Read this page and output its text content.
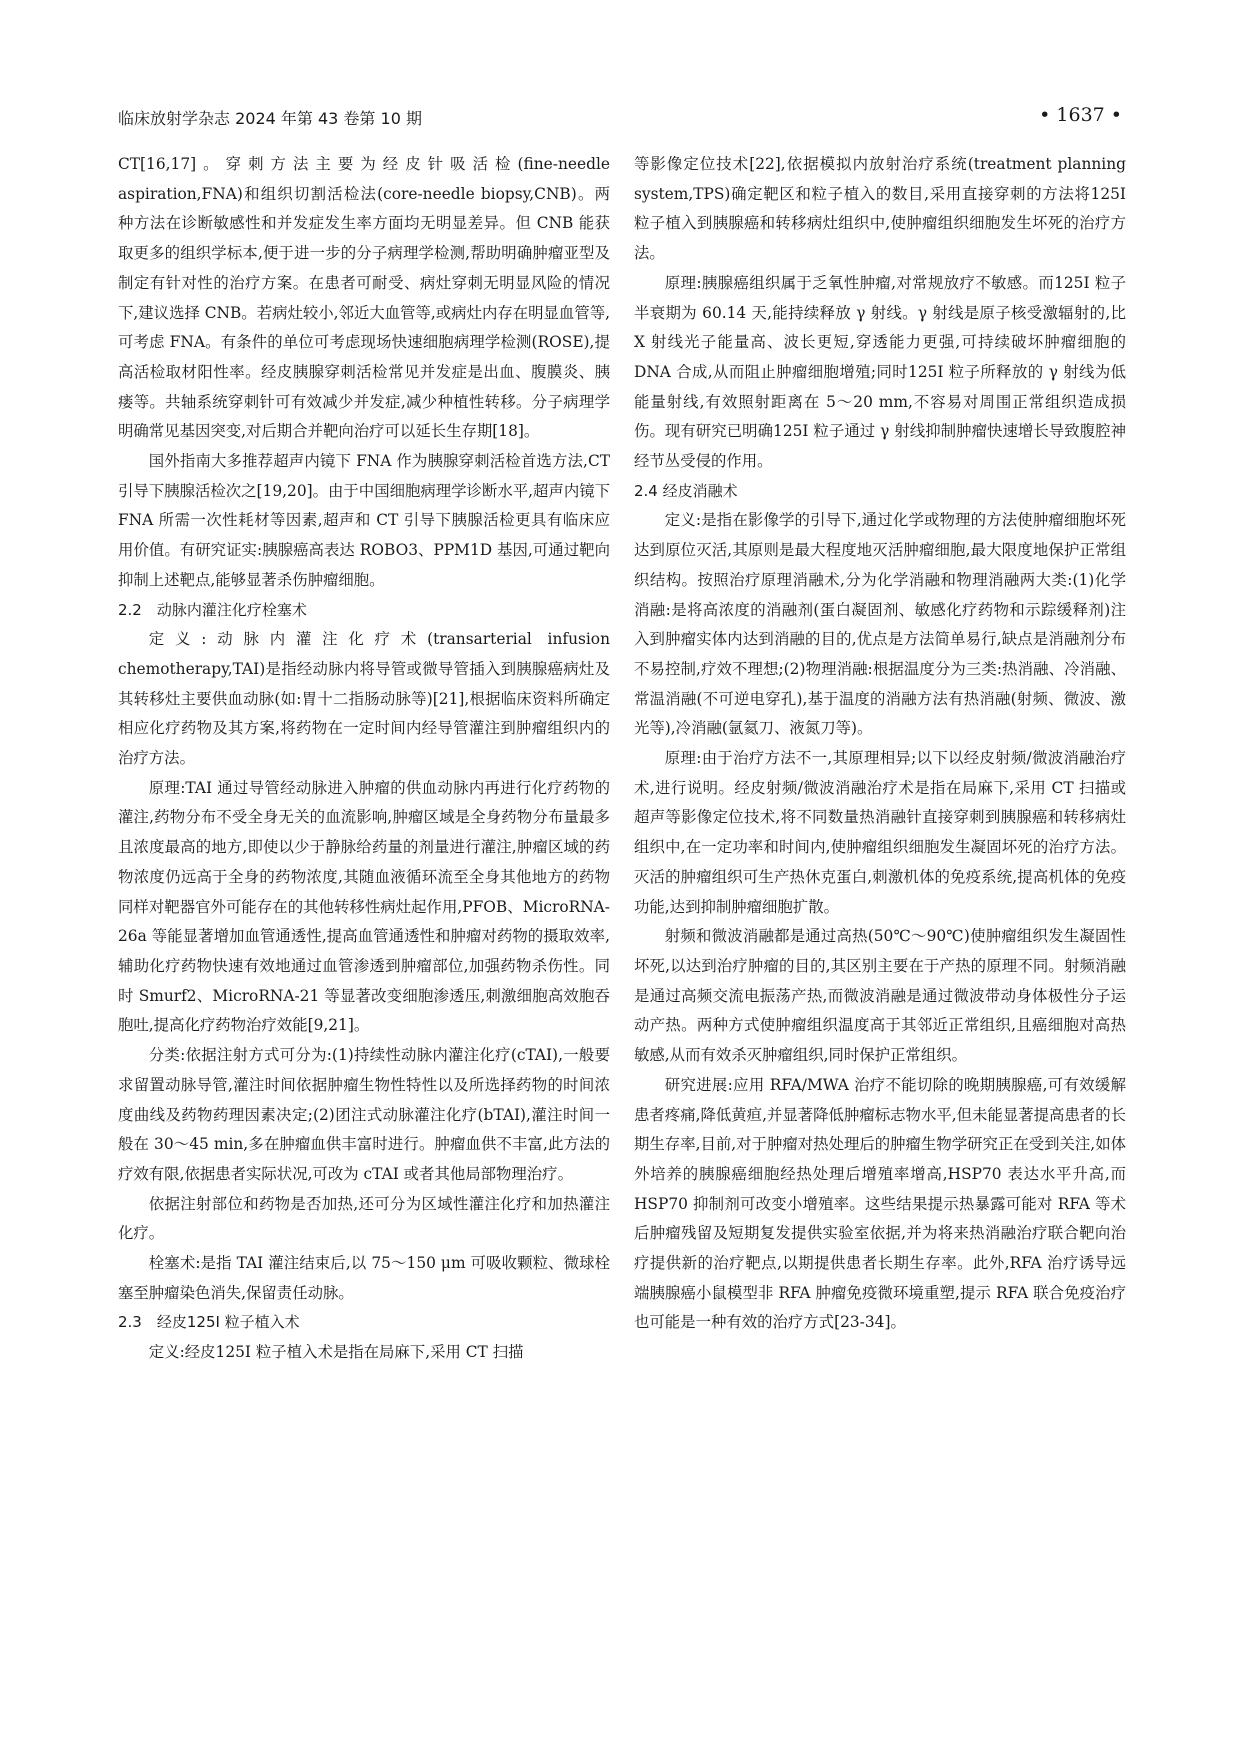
临床放射学杂志 2024 年第 43 卷第 10 期	• 1637 •

CT[16,17]。穿刺方法主要为经皮针吸活检(fine-needle aspiration,FNA)和组织切割活检法(core-needle biopsy,CNB)。两种方法在诊断敏感性和并发症发生率方面均无明显差异。但 CNB 能获取更多的组织学标本,便于进一步的分子病理学检测,帮助明确肿瘤亚型及制定有针对性的治疗方案。在患者可耐受、病灶穿刺无明显风险的情况下,建议选择 CNB。若病灶较小,邻近大血管等,或病灶内存在明显血管等,可考虑 FNA。有条件的单位可考虑现场快速细胞病理学检测(ROSE),提高活检取材阳性率。经皮胰腺穿刺活检常见并发症是出血、腹膜炎、胰瘘等。共轴系统穿刺针可有效减少并发症,减少种植性转移。分子病理学明确常见基因突变,对后期合并靶向治疗可以延长生存期[18]。

国外指南大多推荐超声内镜下 FNA 作为胰腺穿刺活检首选方法,CT 引导下胰腺活检次之[19,20]。由于中国细胞病理学诊断水平,超声内镜下 FNA 所需一次性耗材等因素,超声和 CT 引导下胰腺活检更具有临床应用价值。有研究证实:胰腺癌高表达 ROBO3、PPM1D 基因,可通过靶向抑制上述靶点,能够显著杀伤肿瘤细胞。

2.2　动脉内灌注化疗栓塞术

定义:动脉内灌注化疗术(transarterial infusion chemotherapy,TAI)是指经动脉内将导管或微导管插入到胰腺癌病灶及其转移灶主要供血动脉(如:胃十二指肠动脉等)[21],根据临床资料所确定相应化疗药物及其方案,将药物在一定时间内经导管灌注到肿瘤组织内的治疗方法。

原理:TAI 通过导管经动脉进入肿瘤的供血动脉内再进行化疗药物的灌注,药物分布不受全身无关的血流影响,肿瘤区域是全身药物分布量最多且浓度最高的地方,即使以少于静脉给药量的剂量进行灌注,肿瘤区域的药物浓度仍远高于全身的药物浓度,其随血液循环流至全身其他地方的药物同样对靶器官外可能存在的其他转移性病灶起作用,PFOB、MicroRNA-26a 等能显著增加血管通透性,提高血管通透性和肿瘤对药物的摄取效率,辅助化疗药物快速有效地通过血管渗透到肿瘤部位,加强药物杀伤性。同时 Smurf2、MicroRNA-21 等显著改变细胞渗透压,刺激细胞高效胞吞胞吐,提高化疗药物治疗效能[9,21]。

分类:依据注射方式可分为:(1)持续性动脉内灌注化疗(cTAI),一般要求留置动脉导管,灌注时间依据肿瘤生物性特性以及所选择药物的时间浓度曲线及药物药理因素决定;(2)团注式动脉灌注化疗(bTAI),灌注时间一般在 30～45 min,多在肿瘤血供丰富时进行。肿瘤血供不丰富,此方法的疗效有限,依据患者实际状况,可改为 cTAI 或者其他局部物理治疗。

依据注射部位和药物是否加热,还可分为区域性灌注化疗和加热灌注化疗。

栓塞术:是指 TAI 灌注结束后,以 75～150 μm 可吸收颗粒、微球栓塞至肿瘤染色消失,保留责任动脉。

2.3　经皮125I 粒子植入术

定义:经皮125I 粒子植入术是指在局麻下,采用 CT 扫描

等影像定位技术[22],依据模拟内放射治疗系统(treatment planning system,TPS)确定靶区和粒子植入的数目,采用直接穿刺的方法将125I 粒子植入到胰腺癌和转移病灶组织中,使肿瘤组织细胞发生坏死的治疗方法。

原理:胰腺癌组织属于乏氧性肿瘤,对常规放疗不敏感。而125I 粒子半衰期为 60.14 天,能持续释放 γ 射线。γ 射线是原子核受激辐射的,比 X 射线光子能量高、波长更短,穿透能力更强,可持续破坏肿瘤细胞的 DNA 合成,从而阻止肿瘤细胞增殖;同时125I 粒子所释放的 γ 射线为低能量射线,有效照射距离在 5～20 mm,不容易对周围正常组织造成损伤。现有研究已明确125I 粒子通过 γ 射线抑制肿瘤快速增长导致腹腔神经节丛受侵的作用。

2.4 经皮消融术

定义:是指在影像学的引导下,通过化学或物理的方法使肿瘤细胞坏死达到原位灭活,其原则是最大程度地灭活肿瘤细胞,最大限度地保护正常组织结构。按照治疗原理消融术,分为化学消融和物理消融两大类:(1)化学消融:是将高浓度的消融剂(蛋白凝固剂、敏感化疗药物和示踪缓释剂)注入到肿瘤实体内达到消融的目的,优点是方法简单易行,缺点是消融剂分布不易控制,疗效不理想;(2)物理消融:根据温度分为三类:热消融、冷消融、常温消融(不可逆电穿孔),基于温度的消融方法有热消融(射频、微波、激光等),冷消融(氩氦刀、液氮刀等)。

原理:由于治疗方法不一,其原理相异;以下以经皮射频/微波消融治疗术,进行说明。经皮射频/微波消融治疗术是指在局麻下,采用 CT 扫描或超声等影像定位技术,将不同数量热消融针直接穿刺到胰腺癌和转移病灶组织中,在一定功率和时间内,使肿瘤组织细胞发生凝固坏死的治疗方法。灭活的肿瘤组织可生产热休克蛋白,刺激机体的免疫系统,提高机体的免疫功能,达到抑制肿瘤细胞扩散。

射频和微波消融都是通过高热(50℃～90℃)使肿瘤组织发生凝固性坏死,以达到治疗肿瘤的目的,其区别主要在于产热的原理不同。射频消融是通过高频交流电振荡产热,而微波消融是通过微波带动身体极性分子运动产热。两种方式使肿瘤组织温度高于其邻近正常组织,且癌细胞对高热敏感,从而有效杀灭肿瘤组织,同时保护正常组织。

研究进展:应用 RFA/MWA 治疗不能切除的晚期胰腺癌,可有效缓解患者疼痛,降低黄疸,并显著降低肿瘤标志物水平,但未能显著提高患者的长期生存率,目前,对于肿瘤对热处理后的肿瘤生物学研究正在受到关注,如体外培养的胰腺癌细胞经热处理后增殖率增高,HSP70 表达水平升高,而 HSP70 抑制剂可改变小增殖率。这些结果提示热暴露可能对 RFA 等术后肿瘤残留及短期复发提供实验室依据,并为将来热消融治疗联合靶向治疗提供新的治疗靶点,以期提供患者长期生存率。此外,RFA 治疗诱导远端胰腺癌小鼠模型非 RFA 肿瘤免疫微环境重塑,提示 RFA 联合免疫治疗也可能是一种有效的治疗方式[23-34]。
